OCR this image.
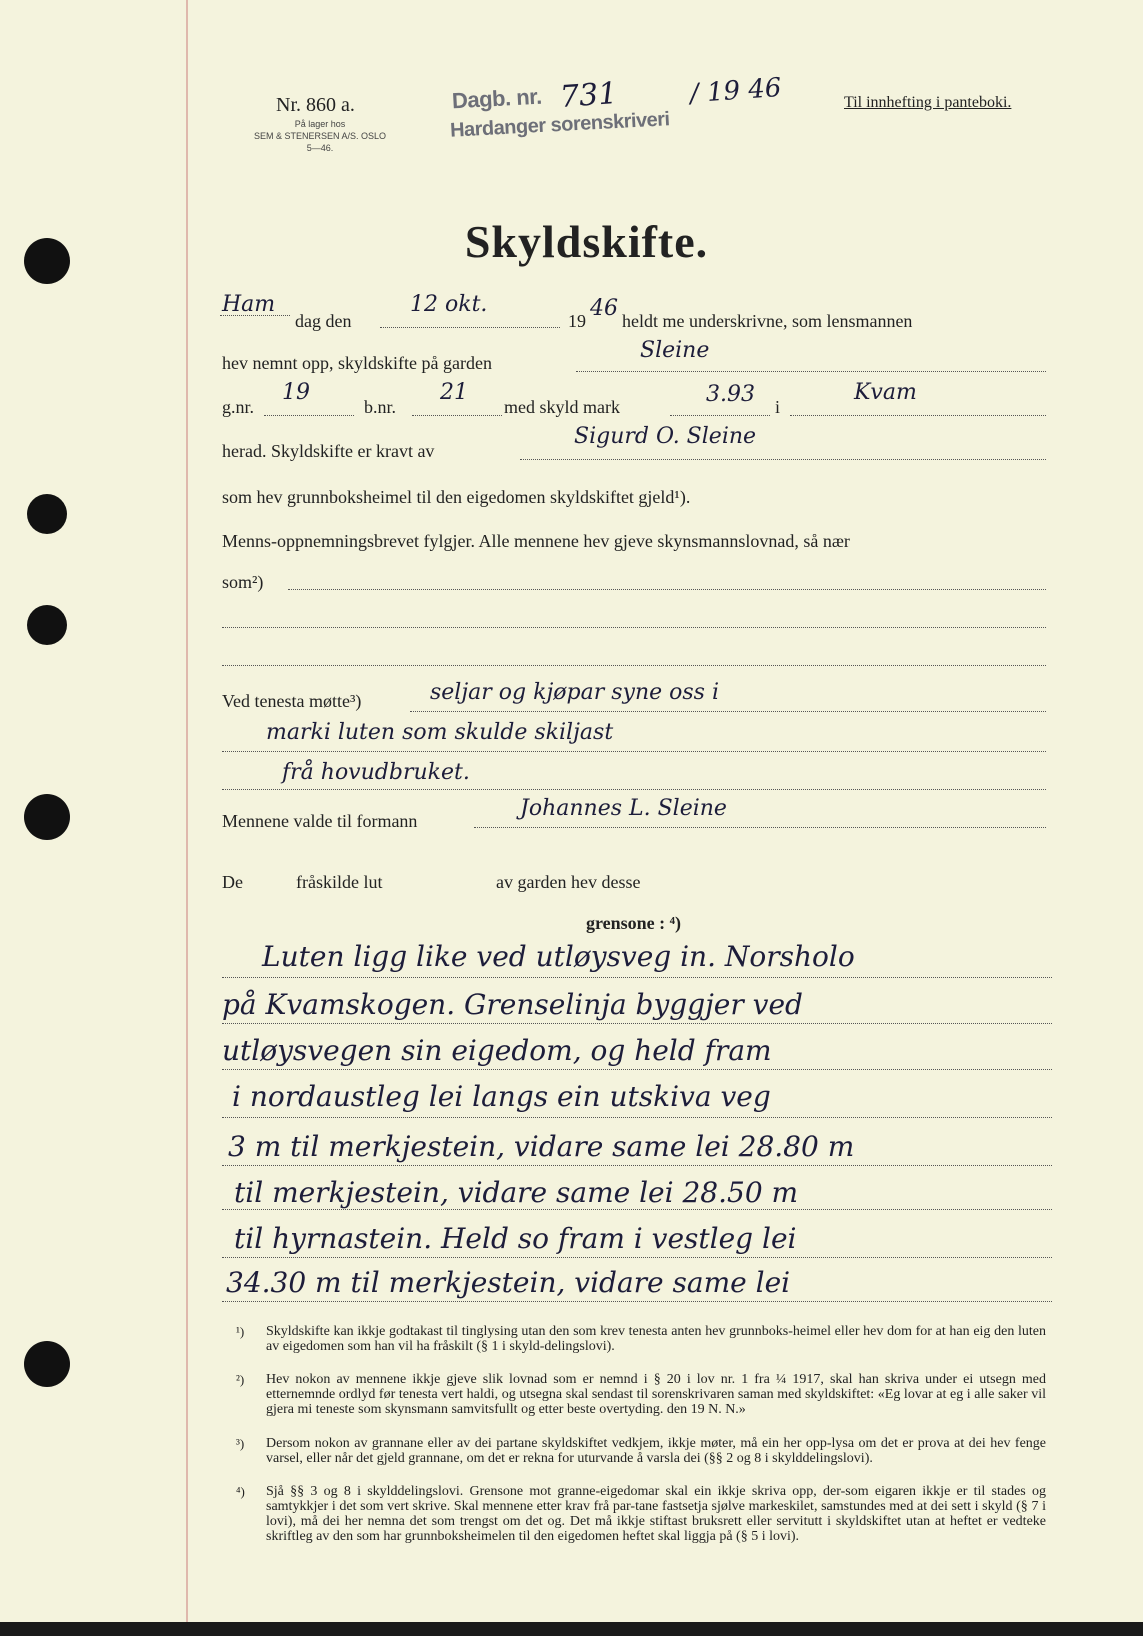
Nr. 860 a.
På lager hos
SEM & STENERSEN A/S. OSLO
5—46.
Dagb. nr. 731	/ 19 46
Hardanger sorenskriveri
Til innhefting i panteboki.
Skyldskifte.
Ham
dag den
12 okt.
19 46 heldt me underskrivne, som lensmannen
hev nemnt opp, skyldskifte på garden	Sleine
g.nr.
19
b.nr.
21
med skyld mark	3.93 i
Kvam
herad. Skyldskifte er kravt av
Sigurd O. Sleine
som hev grunnboksheimel til den eigedomen skyldskiftet gjeld¹).
Menns-oppnemningsbrevet fylgjer. Alle mennene hev gjeve skynsmannslovnad, så nær
som²)
Ved tenesta møtte³)	seljar og kjøpar syne oss i
marki luten som skulde skiljast
frå hovudbruket.
Mennene valde til formann	Johannes L. Sleine
De	fråskilde lut	av garden hev desse
grensone : ⁴)
Luten ligg like ved utløysveg in. Norsholo
på Kvamskogen. Grenselinja byggjer ved
utløysvegen sin eigedom, og held fram
i nordaustleg lei langs ein utskiva veg
3 m til merkjestein, vidare same lei 28.80 m
til merkjestein, vidare same lei 28.50 m
til hyrnastein. Held so fram i vestleg lei
34.30 m til merkjestein, vidare same lei
¹) Skyldskifte kan ikkje godtakast til tinglysing utan den som krev tenesta anten hev grunnboks-heimel eller hev dom for at han eig den luten av eigedomen som han vil ha fråskilt (§ 1 i skyld-delingslovi).
²) Hev nokon av mennene ikkje gjeve slik lovnad som er nemnd i § 20 i lov nr. 1 fra ¼ 1917, skal han skriva under ei utsegn med etternemnde ordlyd før tenesta vert haldi, og utsegna skal sendast til sorenskrivaren saman med skyldskiftet: «Eg lovar at eg i alle saker vil gjera mi teneste som skynsmann samvitsfullt og etter beste overtyding. den 19 N. N.»
³) Dersom nokon av grannane eller av dei partane skyldskiftet vedkjem, ikkje møter, må ein her opp-lysa om det er prova at dei hev fenge varsel, eller når det gjeld grannane, om det er rekna for uturvande å varsla dei (§§ 2 og 8 i skylddelingslovi).
⁴) Sjå §§ 3 og 8 i skylddelingslovi. Grensone mot granne-eigedomar skal ein ikkje skriva opp, der-som eigaren ikkje er til stades og samtykkjer i det som vert skrive. Skal mennene etter krav frå par-tane fastsetja sjølve markeskilet, samstundes med at dei sett i skyld (§ 7 i lovi), må dei her nemna det som trengst om det og. Det må ikkje stiftast bruksrett eller servitutt i skyldskiftet utan at heftet er vedteke skriftleg av den som har grunnboksheimelen til den eigedomen heftet skal liggja på (§ 5 i lovi).
